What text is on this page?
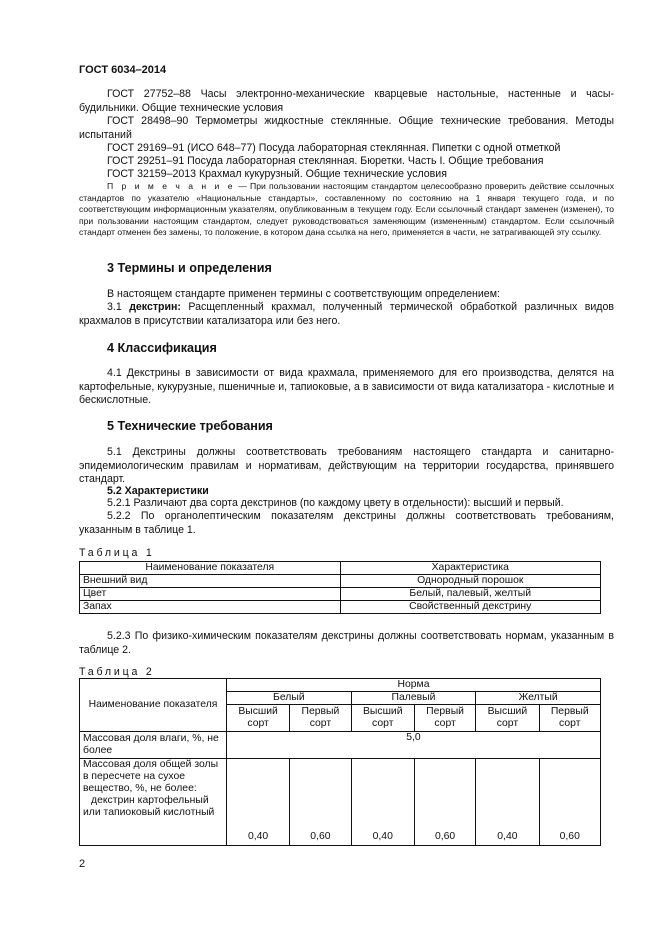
ГОСТ 6034–2014

ГОСТ 27752–88 Часы электронно-механические кварцевые настольные, настенные и часы-будильники. Общие технические условия

ГОСТ 28498–90 Термометры жидкостные стеклянные. Общие технические требования. Методы испытаний

ГОСТ 29169–91 (ИСО 648–77) Посуда лабораторная стеклянная. Пипетки с одной отметкой

ГОСТ 29251–91 Посуда лабораторная стеклянная. Бюретки. Часть I. Общие требования

ГОСТ 32159–2013 Крахмал кукурузный. Общие технические условия

П р и м е ч а н и е — При пользовании настоящим стандартом целесообразно проверить действие ссылочных стандартов по указателю «Национальные стандарты», составленному по состоянию на 1 января текущего года, и по соответствующим информационным указателям, опубликованным в текущем году. Если ссылочный стандарт заменен (изменен), то при пользовании настоящим стандартом, следует руководствоваться заменяющим (измененным) стандартом. Если ссылочный стандарт отменен без замены, то положение, в котором дана ссылка на него, применяется в части, не затрагивающей эту ссылку.

3 Термины и определения

В настоящем стандарте применен термины с соответствующим определением:

3.1 декстрин: Расщепленный крахмал, полученный термической обработкой различных видов крахмалов в присутствии катализатора или без него.

4 Классификация

4.1 Декстрины в зависимости от вида крахмала, применяемого для его производства, делятся на картофельные, кукурузные, пшеничные и, тапиоковые, а в зависимости от вида катализатора - кислотные и бескислотные.

5 Технические требования

5.1 Декстрины должны соответствовать требованиям настоящего стандарта и санитарно-эпидемиологическим правилам и нормативам, действующим на территории государства, принявшего стандарт.

5.2 Характеристики

5.2.1 Различают два сорта декстринов (по каждому цвету в отдельности): высший и первый.

5.2.2 По органолептическим показателям декстрины должны соответствовать требованиям, указанным в таблице 1.

Таблица 1
Наименование показателя	Характеристика
Внешний вид	Однородный порошок
Цвет	Белый, палевый, желтый
Запах	Свойственный декстрину

5.2.3 По физико-химическим показателям декстрины должны соответствовать нормам, указанным в таблице 2.

Таблица 2
Наименование показателя	Норма					
	Белый		Палевый		Желтый	
	Высший сорт	Первый сорт	Высший сорт	Первый сорт	Высший сорт	Первый сорт
Массовая доля влаги, %, не более	5,0					
Массовая доля общей золы в пересчете на сухое вещество, %, не более:
декстрин картофельный или тапиоковый кислотный	0,40	0,60	0,40	0,60	0,40	0,60
2
